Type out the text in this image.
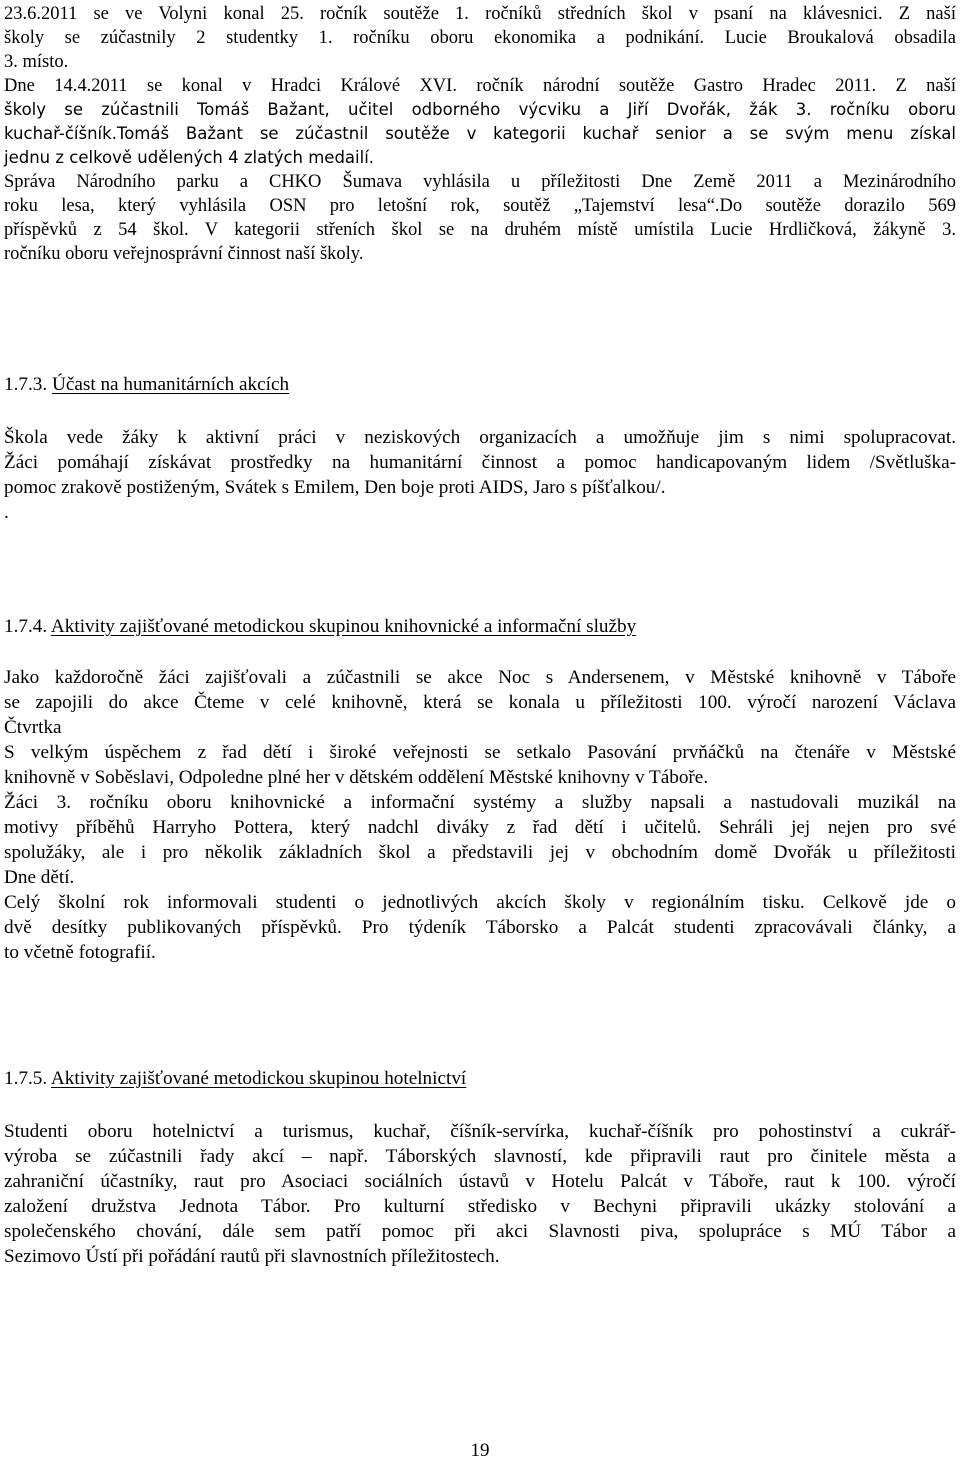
23.6.2011 se ve Volyni konal 25. ročník soutěže 1. ročníků středních škol v psaní na klávesnici. Z naší
školy se zúčastnily 2 studentky 1. ročníku oboru ekonomika a podnikání. Lucie Broukalová obsadila
3. místo.
Dne 14.4.2011 se konal v Hradci Králové XVI. ročník národní soutěže Gastro Hradec 2011. Z naší
školy se zúčastnili Tomáš Bažant, učitel odborného výcviku a Jiří Dvořák, žák 3. ročníku oboru
kuchař-číšník.Tomáš Bažant se zúčastnil soutěže v kategorii kuchař senior a se svým menu získal
jednu z celkově udělených 4 zlatých medailí.
Správa Národního parku a CHKO Šumava vyhlásila u příležitosti Dne Země 2011 a Mezinárodního
roku lesa, který vyhlásila OSN pro letošní rok, soutěž „Tajemství lesa“.Do soutěže dorazilo 569
příspěvků z 54 škol. V kategorii střeních škol se na druhém místě umístila Lucie Hrdličková, žákyně 3.
ročníku oboru veřejnosprávní činnost naší školy.
1.7.3. Účast na humanitárních akcích
Škola vede žáky k aktivní práci v neziskových organizacích a umožňuje jim s nimi spolupracovat.
Žáci pomáhají získávat prostředky na humanitární činnost a pomoc handicapovaným lidem /Světluška-
pomoc zrakově postiženým, Svátek s Emilem, Den boje proti AIDS, Jaro s píšťalkou/.
.
1.7.4. Aktivity zajišťované metodickou skupinou knihovnické a informační služby
Jako každoročně žáci zajišťovali a zúčastnili se akce Noc s Andersenem, v Městské knihovně v Táboře
se zapojili do akce Čteme v celé knihovně, která se konala u příležitosti 100. výročí narození Václava
Čtvrtka
S velkým úspěchem z řad dětí i široké veřejnosti se setkalo Pasování prvňáčků na čtenáře v Městské
knihovně v Soběslavi, Odpoledne plné her v dětském oddělení Městské knihovny v Táboře.
Žáci 3. ročníku oboru knihovnické a informační systémy a služby napsali a nastudovali muzikál na
motivy příběhů Harryho Pottera, který nadchl diváky z řad dětí i učitelů. Sehráli jej nejen pro své
spolužáky, ale i pro několik základních škol a představili jej v obchodním domě Dvořák u příležitosti
Dne dětí.
Celý školní rok informovali studenti o jednotlivých akcích školy v regionálním tisku. Celkově jde o
dvě desítky publikovaných příspěvků. Pro týdeník Táborsko a Palcát studenti zpracovávali články, a
to včetně fotografií.
1.7.5. Aktivity zajišťované metodickou skupinou hotelnictví
Studenti oboru hotelnictví a turismus, kuchař, číšník-servírka, kuchař-číšník pro pohostinství a cukrář-
výroba se zúčastnili řady akcí – např. Táborských slavností, kde připravili raut pro činitele města a
zahraniční účastníky, raut pro Asociaci sociálních ústavů v Hotelu Palcát v Táboře, raut k 100. výročí
založení družstva Jednota Tábor. Pro kulturní středisko v Bechyni připravili ukázky stolování a
společenského chování, dále sem patří pomoc při akci Slavnosti piva, spolupráce s MÚ Tábor a
Sezimovo Ústí při pořádání rautů při slavnostních příležitostech.
19
